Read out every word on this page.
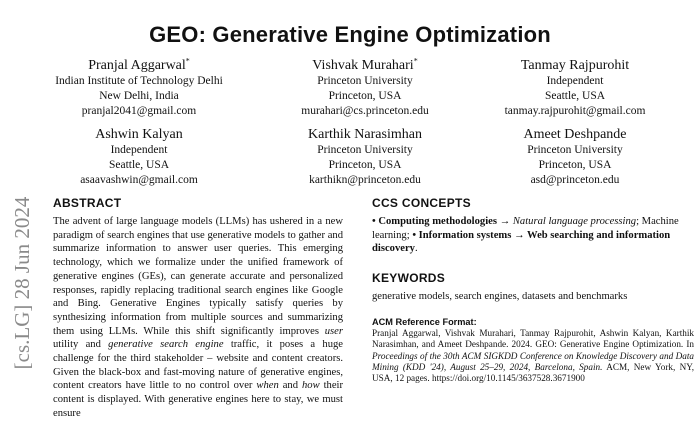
GEO: Generative Engine Optimization
Pranjal Aggarwal*
Indian Institute of Technology Delhi
New Delhi, India
pranjal2041@gmail.com
Vishvak Murahari*
Princeton University
Princeton, USA
murahari@cs.princeton.edu
Tanmay Rajpurohit
Independent
Seattle, USA
tanmay.rajpurohit@gmail.com
Ashwin Kalyan
Independent
Seattle, USA
asaavashwin@gmail.com
Karthik Narasimhan
Princeton University
Princeton, USA
karthikn@princeton.edu
Ameet Deshpande
Princeton University
Princeton, USA
asd@princeton.edu
[cs.LG] 28 Jun 2024 ABSTRACT
The advent of large language models (LLMs) has ushered in a new paradigm of search engines that use generative models to gather and summarize information to answer user queries. This emerging technology, which we formalize under the unified framework of generative engines (GEs), can generate accurate and personalized responses, rapidly replacing traditional search engines like Google and Bing. Generative Engines typically satisfy queries by synthesizing information from multiple sources and summarizing them using LLMs. While this shift significantly improves user utility and generative search engine traffic, it poses a huge challenge for the third stakeholder – website and content creators. Given the black-box and fast-moving nature of generative engines, content creators have little to no control over when and how their content is displayed. With generative engines here to stay, we must ensure
CCS CONCEPTS
• Computing methodologies → Natural language processing; Machine learning; • Information systems → Web searching and information discovery.
KEYWORDS
generative models, search engines, datasets and benchmarks
ACM Reference Format:
Pranjal Aggarwal, Vishvak Murahari, Tanmay Rajpurohit, Ashwin Kalyan, Karthik Narasimhan, and Ameet Deshpande. 2024. GEO: Generative Engine Optimization. In Proceedings of the 30th ACM SIGKDD Conference on Knowledge Discovery and Data Mining (KDD '24), August 25–29, 2024, Barcelona, Spain. ACM, New York, NY, USA, 12 pages. https://doi.org/10.1145/3637528.3671900
